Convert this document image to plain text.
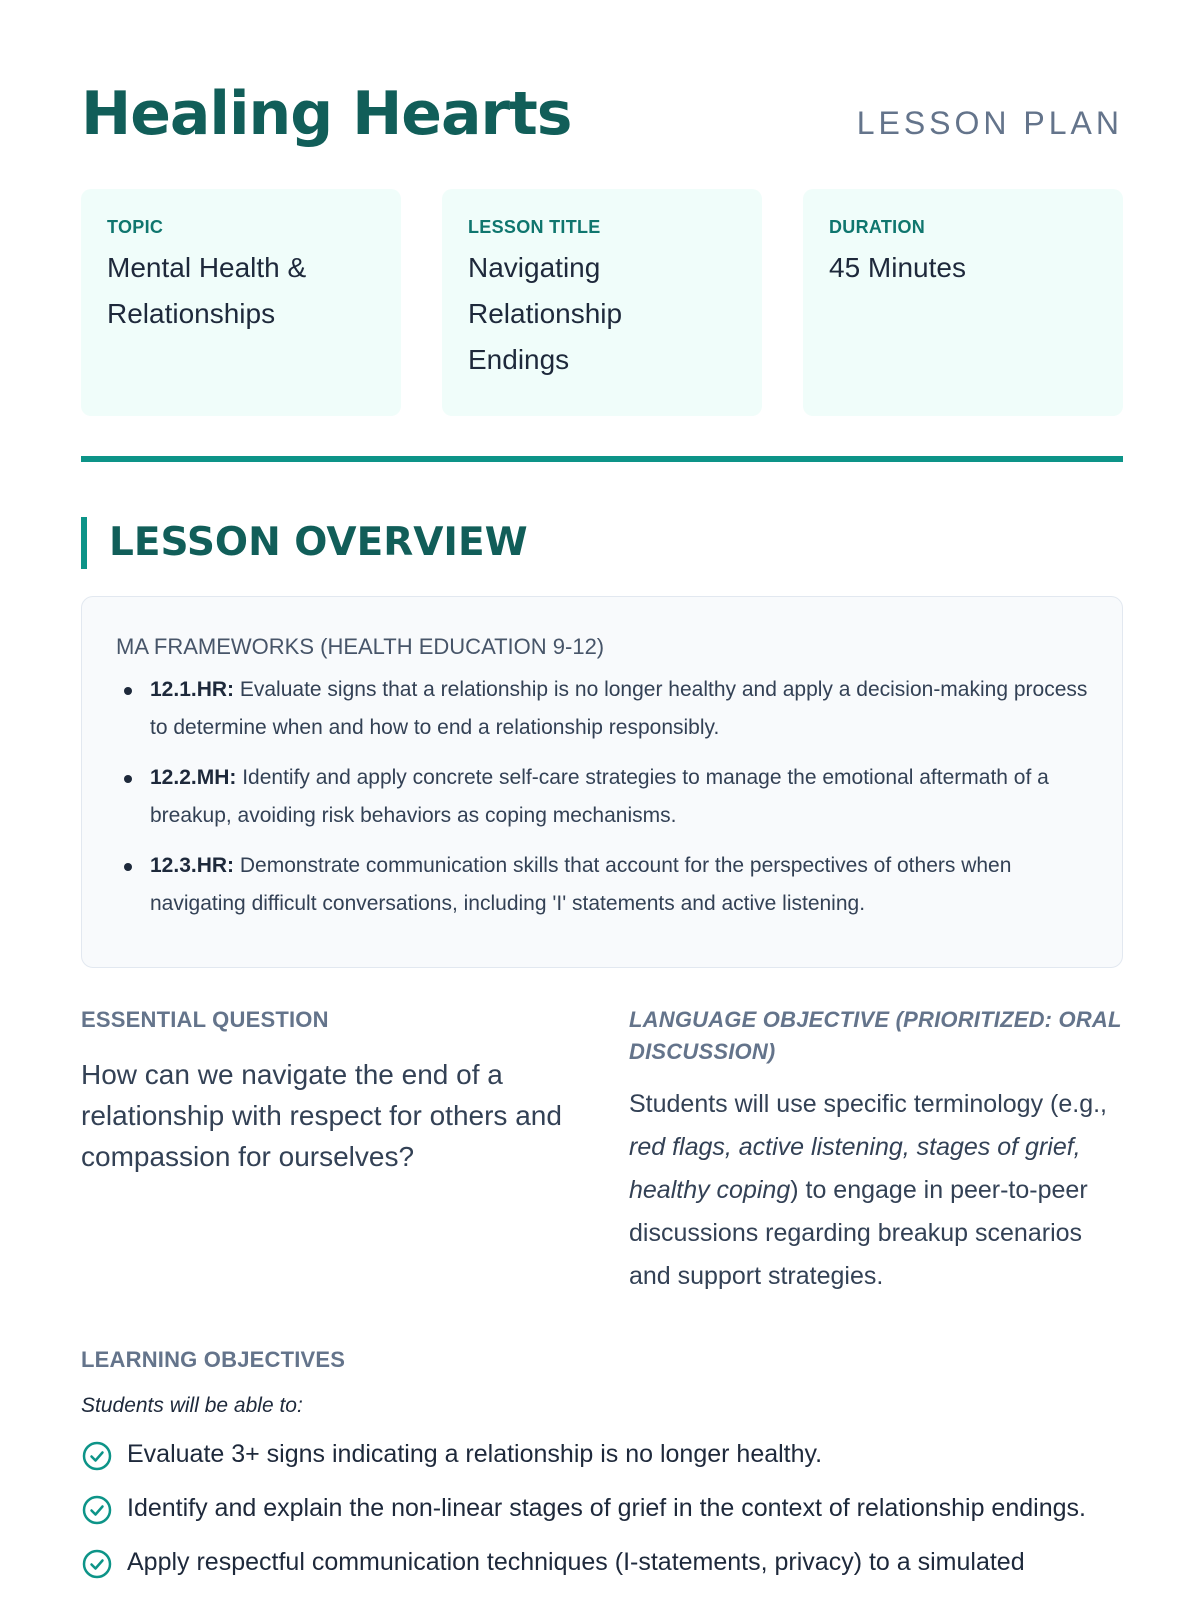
Healing Hearts	LESSON PLAN
TOPIC
Mental Health & Relationships
LESSON TITLE
Navigating Relationship Endings
DURATION
45 Minutes
LESSON OVERVIEW
MA FRAMEWORKS (HEALTH EDUCATION 9-12)
12.1.HR: Evaluate signs that a relationship is no longer healthy and apply a decision-making process to determine when and how to end a relationship responsibly.
12.2.MH: Identify and apply concrete self-care strategies to manage the emotional aftermath of a breakup, avoiding risk behaviors as coping mechanisms.
12.3.HR: Demonstrate communication skills that account for the perspectives of others when navigating difficult conversations, including 'I' statements and active listening.
ESSENTIAL QUESTION
How can we navigate the end of a relationship with respect for others and compassion for ourselves?
LANGUAGE OBJECTIVE (PRIORITIZED: ORAL DISCUSSION)
Students will use specific terminology (e.g., red flags, active listening, stages of grief, healthy coping) to engage in peer-to-peer discussions regarding breakup scenarios and support strategies.
LEARNING OBJECTIVES
Students will be able to:
Evaluate 3+ signs indicating a relationship is no longer healthy.
Identify and explain the non-linear stages of grief in the context of relationship endings.
Apply respectful communication techniques (I-statements, privacy) to a simulated
